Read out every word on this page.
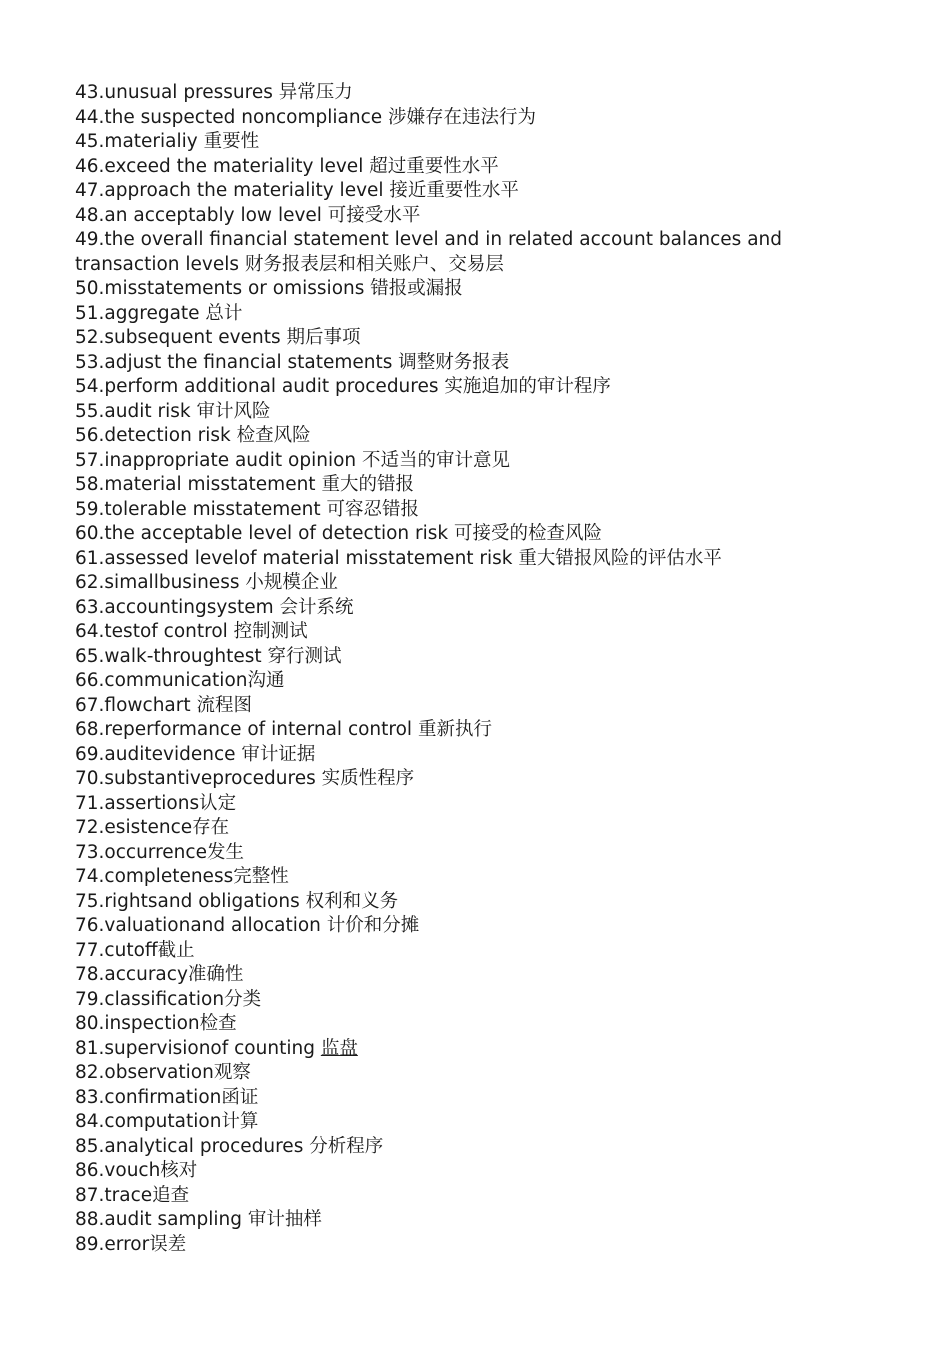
43.unusual pressures 异常压力
44.the suspected noncompliance 涉嫌存在违法行为
45.materialiy 重要性
46.exceed the materiality level 超过重要性水平
47.approach the materiality level 接近重要性水平
48.an acceptably low level 可接受水平
49.the overall financial statement level and in related account balances and transaction levels 财务报表层和相关账户、交易层
50.misstatements or omissions 错报或漏报
51.aggregate 总计
52.subsequent events 期后事项
53.adjust the financial statements 调整财务报表
54.perform additional audit procedures 实施追加的审计程序
55.audit risk 审计风险
56.detection risk 检查风险
57.inappropriate audit opinion 不适当的审计意见
58.material misstatement 重大的错报
59.tolerable misstatement 可容忍错报
60.the acceptable level of detection risk 可接受的检查风险
61.assessed levelof material misstatement risk 重大错报风险的评估水平
62.simallbusiness 小规模企业
63.accountingsystem 会计系统
64.testof control 控制测试
65.walk-throughtest 穿行测试
66.communication沟通
67.flowchart 流程图
68.reperformance of internal control 重新执行
69.auditevidence 审计证据
70.substantiveprocedures 实质性程序
71.assertions认定
72.esistence存在
73.occurrence发生
74.completeness完整性
75.rightsand obligations 权利和义务
76.valuationand allocation 计价和分摊
77.cutoff截止
78.accuracy准确性
79.classification分类
80.inspection检查
81.supervisionof counting 监盘
82.observation观察
83.confirmation函证
84.computation计算
85.analytical procedures 分析程序
86.vouch核对
87.trace追查
88.audit sampling 审计抽样
89.error误差
